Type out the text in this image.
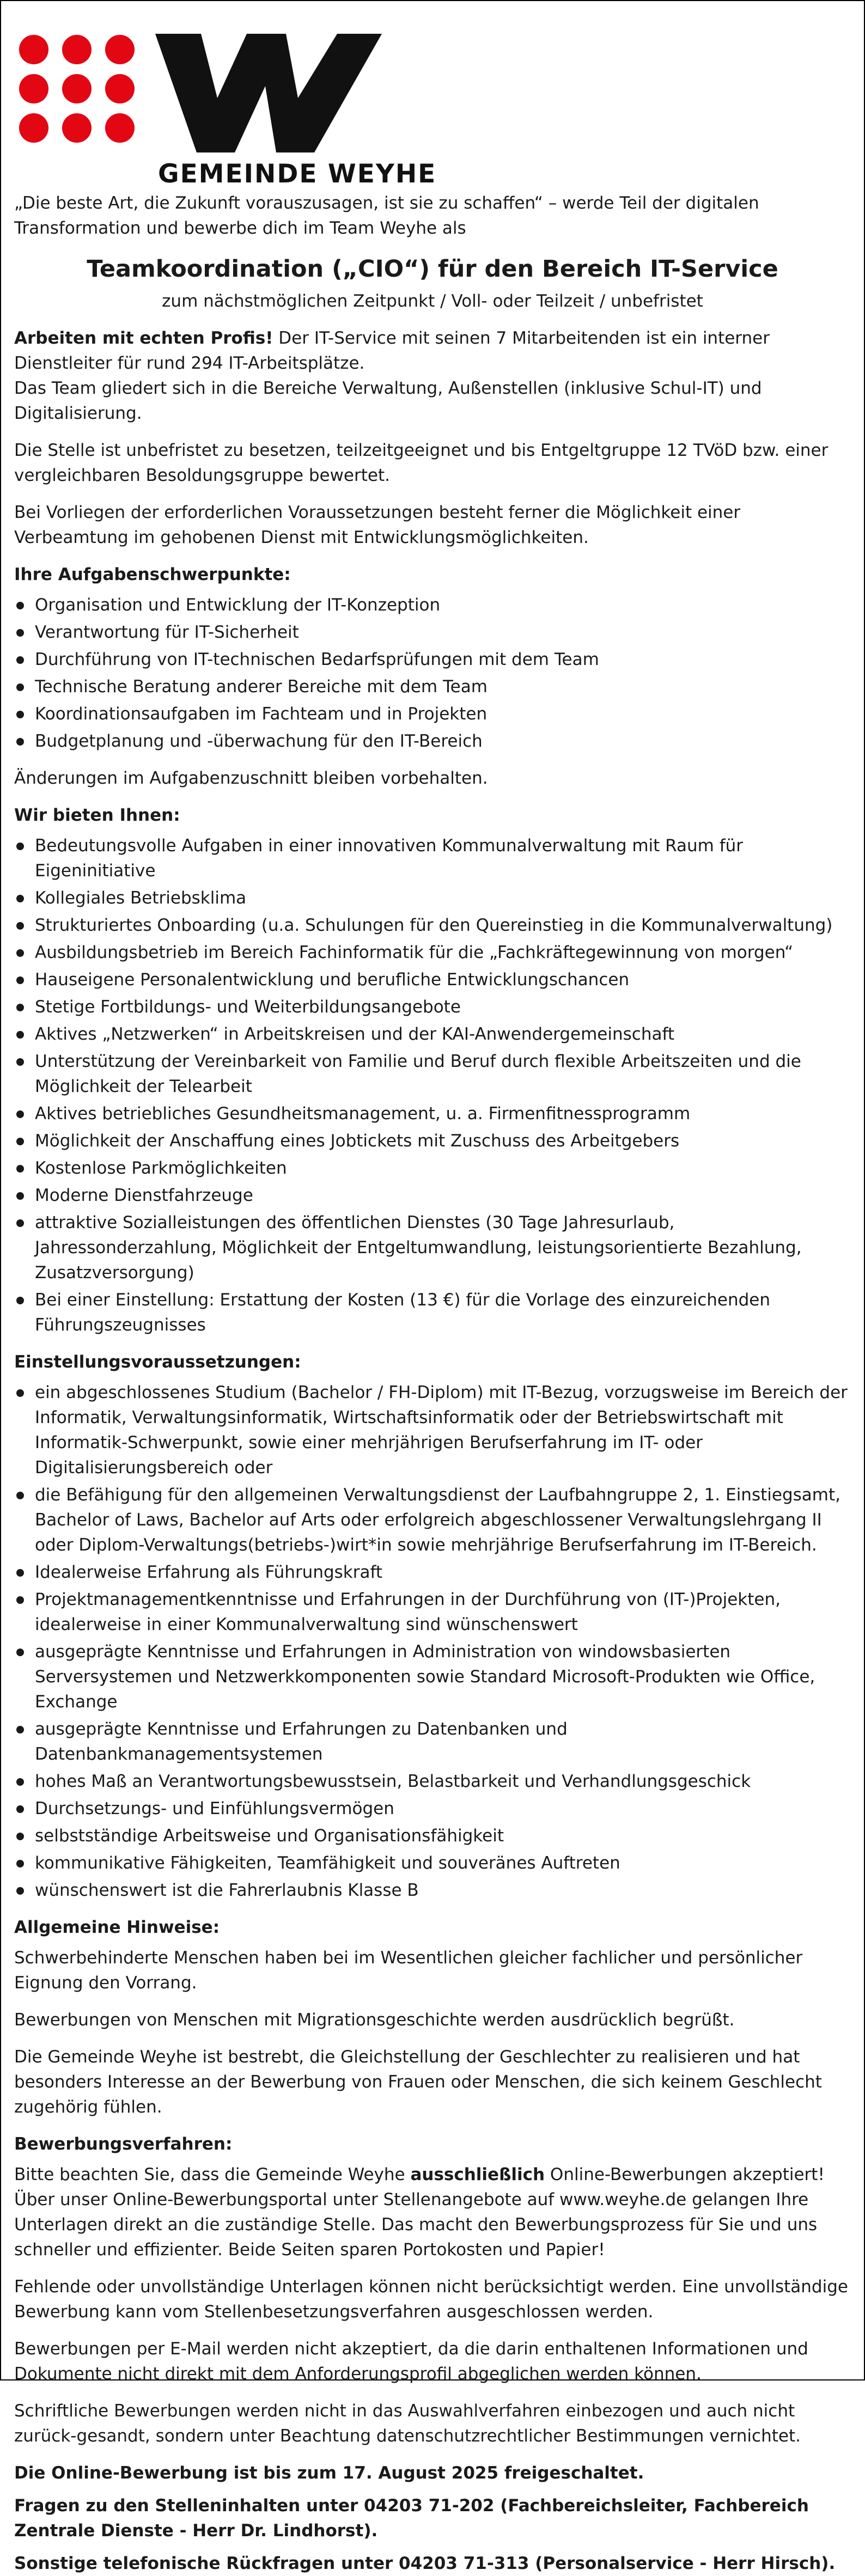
GEMEINDE WEYHE

„Die beste Art, die Zukunft vorauszusagen, ist sie zu schaffen“ – werde Teil der digitalen Transformation und bewerbe dich im Team Weyhe als

Teamkoordination („CIO“) für den Bereich IT-Service

zum nächstmöglichen Zeitpunkt / Voll- oder Teilzeit / unbefristet

Arbeiten mit echten Profis! Der IT-Service mit seinen 7 Mitarbeitenden ist ein interner Dienstleiter für rund 294 IT-Arbeitsplätze.

Das Team gliedert sich in die Bereiche Verwaltung, Außenstellen (inklusive Schul-IT) und Digitalisierung.

Die Stelle ist unbefristet zu besetzen, teilzeitgeeignet und bis Entgeltgruppe 12 TVöD bzw. einer vergleichbaren Besoldungsgruppe bewertet.

Bei Vorliegen der erforderlichen Voraussetzungen besteht ferner die Möglichkeit einer Verbeamtung im gehobenen Dienst mit Entwicklungsmöglichkeiten.

Ihre Aufgabenschwerpunkte:
Organisation und Entwicklung der IT-Konzeption
Verantwortung für IT-Sicherheit
Durchführung von IT-technischen Bedarfsprüfungen mit dem Team
Technische Beratung anderer Bereiche mit dem Team
Koordinationsaufgaben im Fachteam und in Projekten
Budgetplanung und -überwachung für den IT-Bereich

Änderungen im Aufgabenzuschnitt bleiben vorbehalten.

Wir bieten Ihnen:
Bedeutungsvolle Aufgaben in einer innovativen Kommunalverwaltung mit Raum für Eigeninitiative
Kollegiales Betriebsklima
Strukturiertes Onboarding (u.a. Schulungen für den Quereinstieg in die Kommunalverwaltung)
Ausbildungsbetrieb im Bereich Fachinformatik für die „Fachkräftegewinnung von morgen“
Hauseigene Personalentwicklung und berufliche Entwicklungschancen
Stetige Fortbildungs- und Weiterbildungsangebote
Aktives „Netzwerken“ in Arbeitskreisen und der KAI-Anwendergemeinschaft
Unterstützung der Vereinbarkeit von Familie und Beruf durch flexible Arbeitszeiten und die Möglichkeit der Telearbeit
Aktives betriebliches Gesundheitsmanagement, u. a. Firmenfitnessprogramm
Möglichkeit der Anschaffung eines Jobtickets mit Zuschuss des Arbeitgebers
Kostenlose Parkmöglichkeiten
Moderne Dienstfahrzeuge
attraktive Sozialleistungen des öffentlichen Dienstes (30 Tage Jahresurlaub, Jahressonderzahlung, Möglichkeit der Entgeltumwandlung, leistungsorientierte Bezahlung, Zusatzversorgung)
Bei einer Einstellung: Erstattung der Kosten (13 €) für die Vorlage des einzureichenden Führungszeugnisses
Einstellungsvoraussetzungen:
ein abgeschlossenes Studium (Bachelor / FH-Diplom) mit IT-Bezug, vorzugsweise im Bereich der Informatik, Verwaltungsinformatik, Wirtschaftsinformatik oder der Betriebswirtschaft mit Informatik-Schwerpunkt, sowie einer mehrjährigen Berufserfahrung im IT- oder Digitalisierungsbereich oder
die Befähigung für den allgemeinen Verwaltungsdienst der Laufbahngruppe 2, 1. Einstiegsamt, Bachelor of Laws, Bachelor auf Arts oder erfolgreich abgeschlossener Verwaltungslehrgang II oder Diplom-Verwaltungs(betriebs-)wirt*in sowie mehrjährige Berufserfahrung im IT-Bereich.
Idealerweise Erfahrung als Führungskraft
Projektmanagementkenntnisse und Erfahrungen in der Durchführung von (IT-)Projekten, idealerweise in einer Kommunalverwaltung sind wünschenswert
ausgeprägte Kenntnisse und Erfahrungen in Administration von windowsbasierten Serversystemen und Netzwerkkomponenten sowie Standard Microsoft-Produkten wie Office, Exchange
ausgeprägte Kenntnisse und Erfahrungen zu Datenbanken und Datenbankmanagementsystemen
hohes Maß an Verantwortungsbewusstsein, Belastbarkeit und Verhandlungsgeschick
Durchsetzungs- und Einfühlungsvermögen
selbstständige Arbeitsweise und Organisationsfähigkeit
kommunikative Fähigkeiten, Teamfähigkeit und souveränes Auftreten
wünschenswert ist die Fahrerlaubnis Klasse B
Allgemeine Hinweise:

Schwerbehinderte Menschen haben bei im Wesentlichen gleicher fachlicher und persönlicher Eignung den Vorrang.

Bewerbungen von Menschen mit Migrationsgeschichte werden ausdrücklich begrüßt.

Die Gemeinde Weyhe ist bestrebt, die Gleichstellung der Geschlechter zu realisieren und hat besonders Interesse an der Bewerbung von Frauen oder Menschen, die sich keinem Geschlecht zugehörig fühlen.

Bewerbungsverfahren:

Bitte beachten Sie, dass die Gemeinde Weyhe ausschließlich Online-Bewerbungen akzeptiert! Über unser Online-Bewerbungsportal unter Stellenangebote auf www.weyhe.de gelangen Ihre Unterlagen direkt an die zuständige Stelle. Das macht den Bewerbungsprozess für Sie und uns schneller und effizienter. Beide Seiten sparen Portokosten und Papier!

Fehlende oder unvollständige Unterlagen können nicht berücksichtigt werden. Eine unvollständige Bewerbung kann vom Stellenbesetzungsverfahren ausgeschlossen werden.

Bewerbungen per E-Mail werden nicht akzeptiert, da die darin enthaltenen Informationen und Dokumente nicht direkt mit dem Anforderungsprofil abgeglichen werden können.

Schriftliche Bewerbungen werden nicht in das Auswahlverfahren einbezogen und auch nicht zurück-gesandt, sondern unter Beachtung datenschutzrechtlicher Bestimmungen vernichtet.

Die Online-Bewerbung ist bis zum 17. August 2025 freigeschaltet.

Fragen zu den Stelleninhalten unter 04203 71-202 (Fachbereichsleiter, Fachbereich Zentrale Dienste - Herr Dr. Lindhorst).

Sonstige telefonische Rückfragen unter 04203 71-313 (Personalservice - Herr Hirsch).
